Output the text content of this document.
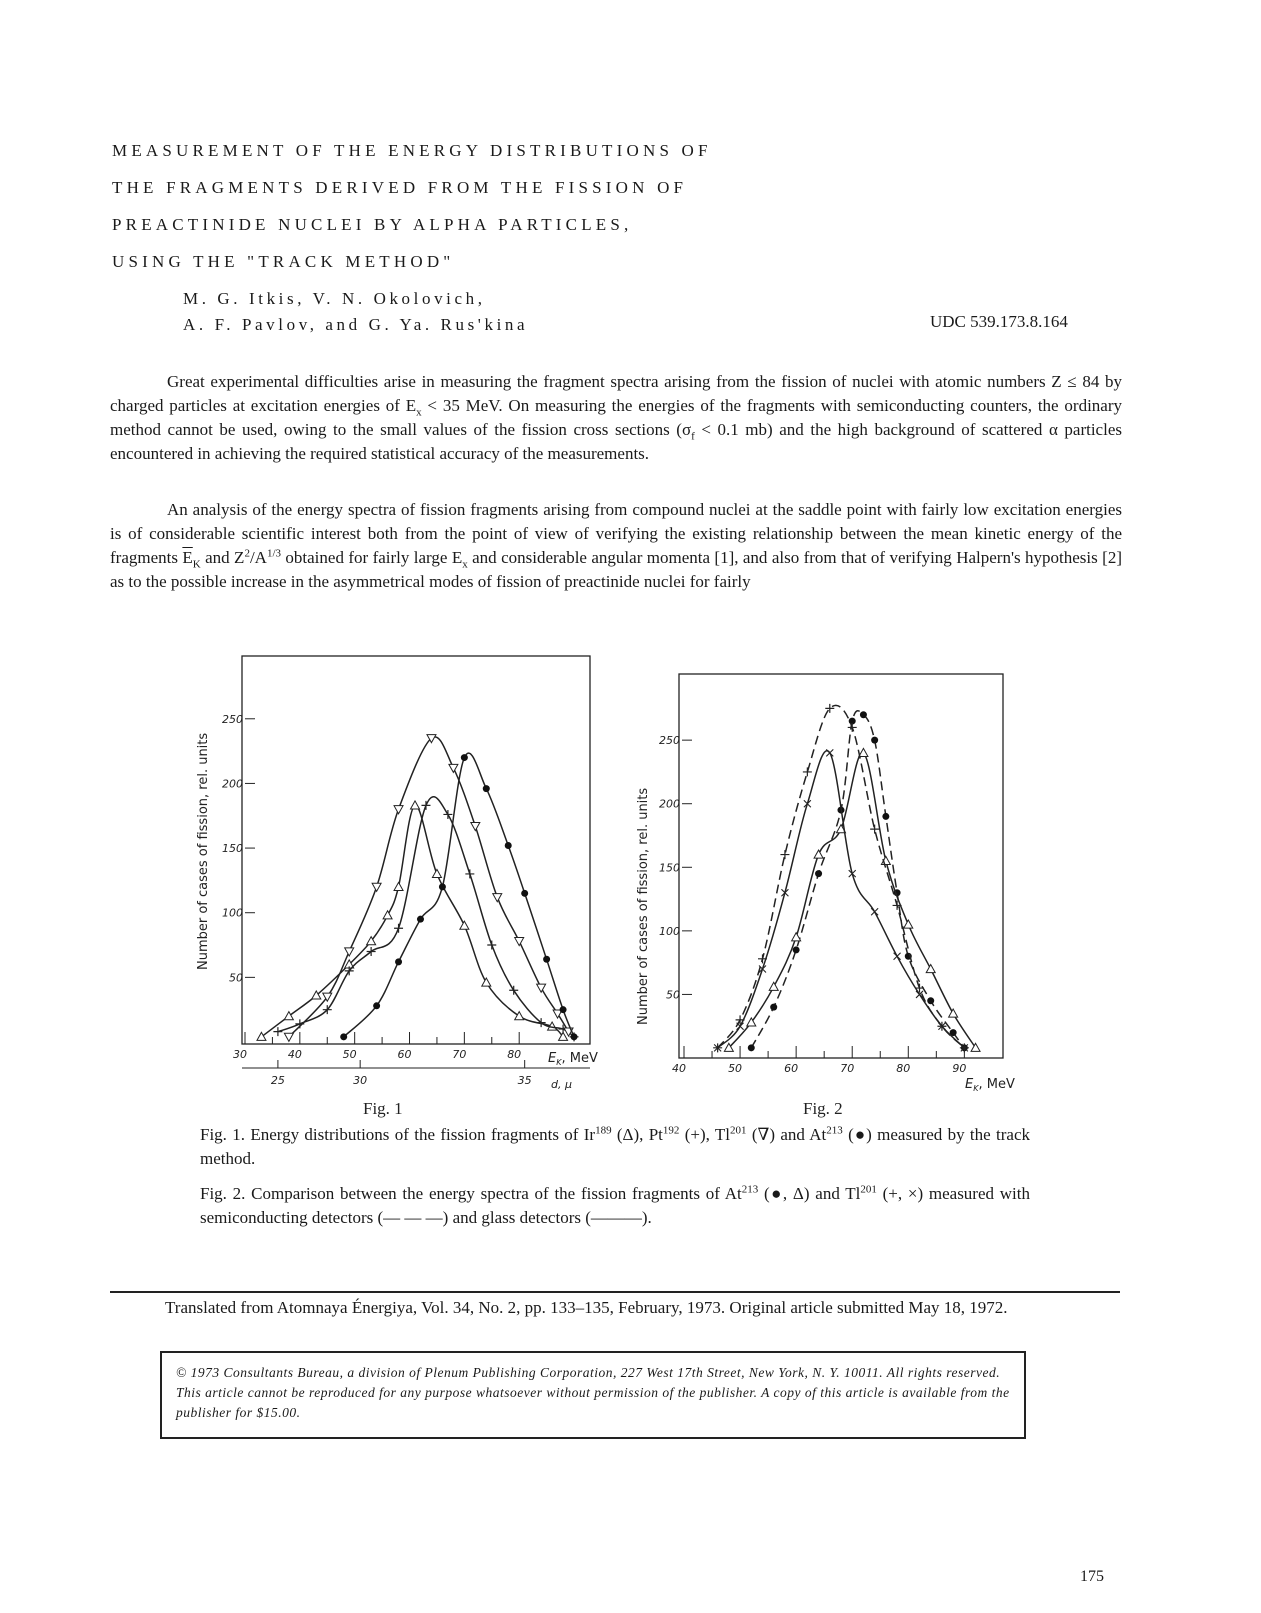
MEASUREMENT OF THE ENERGY DISTRIBUTIONS OF
THE FRAGMENTS DERIVED FROM THE FISSION OF
PREACTINIDE NUCLEI BY ALPHA PARTICLES,
USING THE "TRACK METHOD"
M. G. Itkis, V. N. Okolovich,
A. F. Pavlov, and G. Ya. Rus'kina	UDC 539.173.8.164
Great experimental difficulties arise in measuring the fragment spectra arising from the fission of nuclei with atomic numbers Z ≤ 84 by charged particles at excitation energies of $E_x < 35$ MeV. On measuring the energies of the fragments with semiconducting counters, the ordinary method cannot be used, owing to the small values of the fission cross sections ($\sigma_f < 0.1$ mb) and the high background of scattered α particles encountered in achieving the required statistical accuracy of the measurements.
An analysis of the energy spectra of fission fragments arising from compound nuclei at the saddle point with fairly low excitation energies is of considerable scientific interest both from the point of view of verifying the existing relationship between the mean kinetic energy of the fragments $\overline{E}_K$ and $Z^2/A^{1/3}$ obtained for fairly large $E_x$ and considerable angular momenta [1], and also from that of verifying Halpern's hypothesis [2] as to the possible increase in the asymmetrical modes of fission of preactinide nuclei for fairly
50
100
150
200
250
30	40	50	60	70	80
25	30	35
Number of cases of fission, rel. units
$E_K$, MeV
d, μ
Fig. 1
50
100
150
200
250
40	50	60	70	80	90
Number of cases of fission, rel. units
$E_K$, MeV
Fig. 2
Fig. 1. Energy distributions of the fission fragments of Ir$^{189}$ (Δ), Pt$^{192}$ (+), Tl$^{201}$ (∇) and At$^{213}$ (●) measured by the track method.
Fig. 2. Comparison between the energy spectra of the fission fragments of At$^{213}$ (●, Δ) and Tl$^{201}$ (+, ×) measured with semiconducting detectors (— — —) and glass detectors (———).
Translated from Atomnaya Énergiya, Vol. 34, No. 2, pp. 133–135, February, 1973. Original article submitted May 18, 1972.
© 1973 Consultants Bureau, a division of Plenum Publishing Corporation, 227 West 17th Street, New York, N. Y. 10011. All rights reserved. This article cannot be reproduced for any purpose whatsoever without permission of the publisher. A copy of this article is available from the publisher for $15.00.
175
